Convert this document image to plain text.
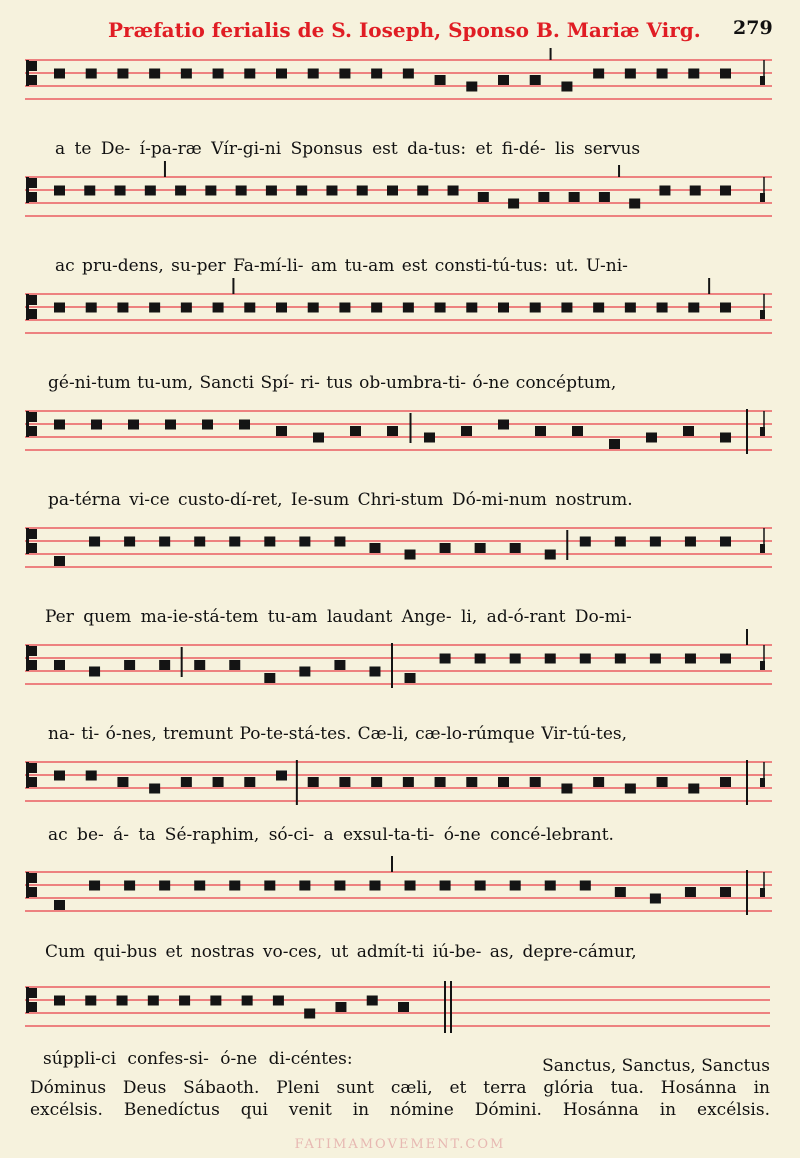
Præfatio ferialis de S. Ioseph, Sponso B. Mariæ Virg. 279
a te De- í-pa-ræ Vír-gi-ni Sponsus est da-tus: et fi-dé- lis servus
ac pru-dens, su-per Fa-mí-li- am tu-am est consti-tú-tus: ut. U-ni-
gé-ni-tum tu-um, Sancti Spí- ri- tus ob-umbra-ti- ó-ne concéptum,
pa-térna vi-ce custo-dí-ret, Ie-sum Chri-stum Dó-mi-num nostrum.
Per quem ma-ie-stá-tem tu-am laudant Ange- li, ad-ó-rant Do-mi-
na- ti- ó-nes, tremunt Po-te-stá-tes. Cæ-li, cæ-lo-rúmque Vir-tú-tes,
ac be- á- ta Sé-raphim, só-ci- a exsul-ta-ti- ó-ne concé-lebrant.
Cum qui-bus et nostras vo-ces, ut admít-ti iú-be- as, depre-cámur,
súppli-ci confes-si- ó-ne di-céntes:	Sanctus, Sanctus, Sanctus
Dóminus Deus Sábaoth. Pleni sunt cæli, et terra glória tua. Hosánna in
excélsis. Benedíctus qui venit in nómine Dómini. Hosánna in excélsis.
FATIMAMOVEMENT.COM
